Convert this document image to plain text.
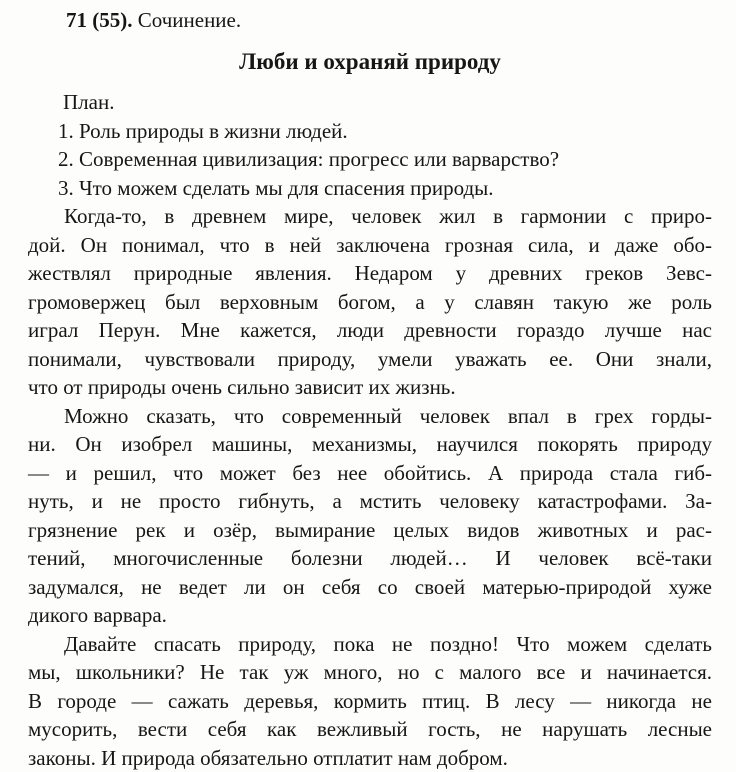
71 (55). Сочинение.
Люби и охраняй природу
План.
1. Роль природы в жизни людей.
2. Современная цивилизация: прогресс или варварство?
3. Что можем сделать мы для спасения природы.
Когда-то, в древнем мире, человек жил в гармонии с приро-
дой. Он понимал, что в ней заключена грозная сила, и даже обо-
жествлял природные явления. Недаром у древних греков Зевс-
громовержец был верховным богом, а у славян такую же роль
играл Перун. Мне кажется, люди древности гораздо лучше нас
понимали, чувствовали природу, умели уважать ее. Они знали,
что от природы очень сильно зависит их жизнь.
Можно сказать, что современный человек впал в грех горды-
ни. Он изобрел машины, механизмы, научился покорять природу
— и решил, что может без нее обойтись. А природа стала гиб-
нуть, и не просто гибнуть, а мстить человеку катастрофами. За-
грязнение рек и озёр, вымирание целых видов животных и рас-
тений, многочисленные болезни людей… И человек всё-таки
задумался, не ведет ли он себя со своей матерью-природой хуже
дикого варвара.
Давайте спасать природу, пока не поздно! Что можем сделать
мы, школьники? Не так уж много, но с малого все и начинается.
В городе — сажать деревья, кормить птиц. В лесу — никогда не
мусорить, вести себя как вежливый гость, не нарушать лесные
законы. И природа обязательно отплатит нам добром.
